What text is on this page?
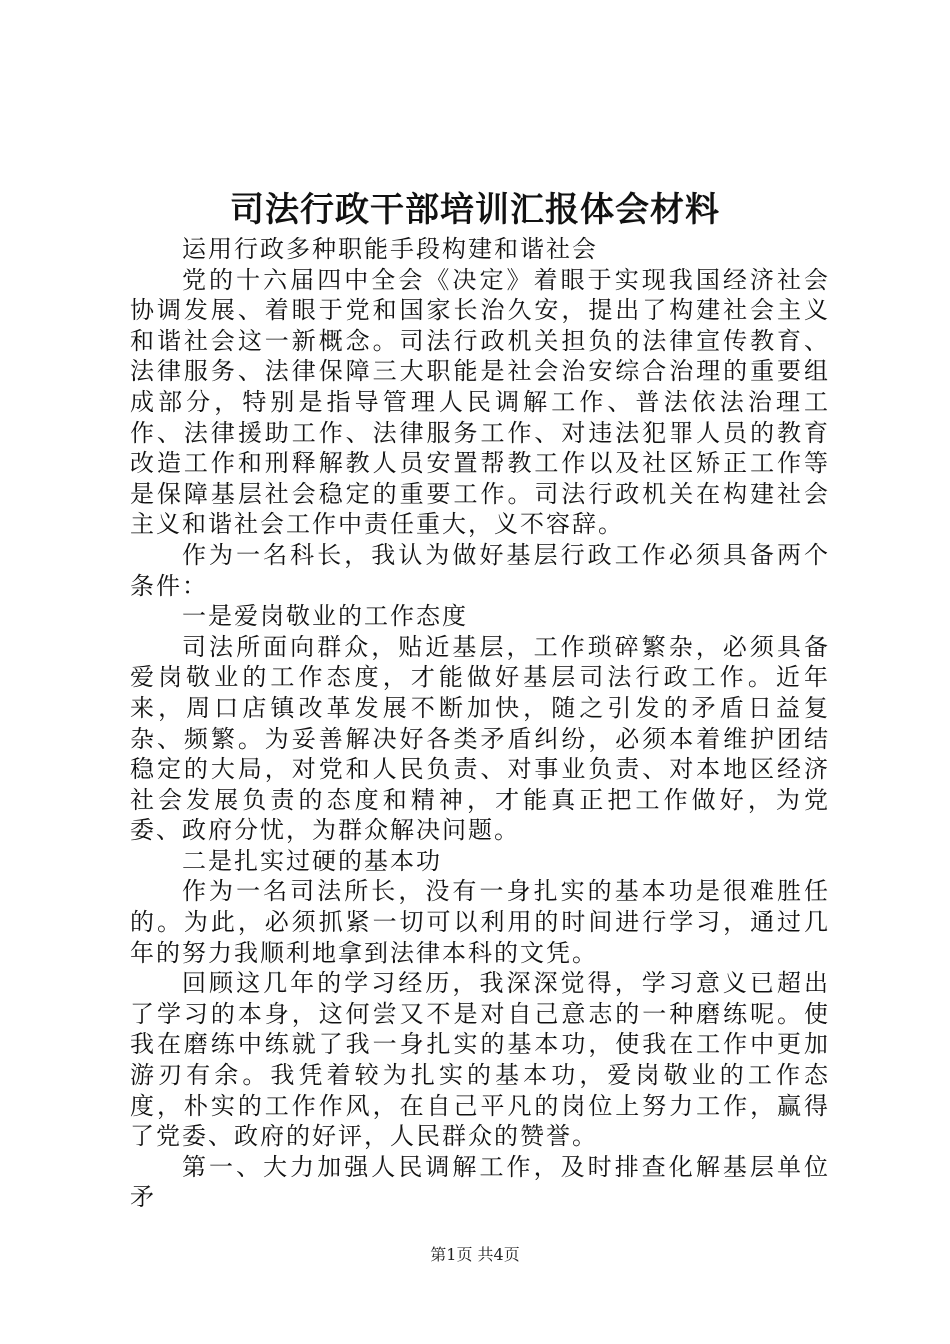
司法行政干部培训汇报体会材料

运用行政多种职能手段构建和谐社会

党的十六届四中全会《决定》着眼于实现我国经济社会协调发展、着眼于党和国家长治久安，提出了构建社会主义和谐社会这一新概念。司法行政机关担负的法律宣传教育、法律服务、法律保障三大职能是社会治安综合治理的重要组成部分，特别是指导管理人民调解工作、普法依法治理工作、法律援助工作、法律服务工作、对违法犯罪人员的教育改造工作和刑释解教人员安置帮教工作以及社区矫正工作等是保障基层社会稳定的重要工作。司法行政机关在构建社会主义和谐社会工作中责任重大，义不容辞。

作为一名科长，我认为做好基层行政工作必须具备两个条件：

一是爱岗敬业的工作态度

司法所面向群众，贴近基层，工作琐碎繁杂，必须具备爱岗敬业的工作态度，才能做好基层司法行政工作。近年来，周口店镇改革发展不断加快，随之引发的矛盾日益复杂、频繁。为妥善解决好各类矛盾纠纷，必须本着维护团结稳定的大局，对党和人民负责、对事业负责、对本地区经济社会发展负责的态度和精神，才能真正把工作做好，为党委、政府分忧，为群众解决问题。

二是扎实过硬的基本功

作为一名司法所长，没有一身扎实的基本功是很难胜任的。为此，必须抓紧一切可以利用的时间进行学习，通过几年的努力我顺利地拿到法律本科的文凭。

回顾这几年的学习经历，我深深觉得，学习意义已超出了学习的本身，这何尝又不是对自己意志的一种磨练呢。使我在磨练中练就了我一身扎实的基本功，使我在工作中更加游刃有余。我凭着较为扎实的基本功，爱岗敬业的工作态度，朴实的工作作风，在自己平凡的岗位上努力工作，赢得了党委、政府的好评，人民群众的赞誉。

第一、大力加强人民调解工作，及时排查化解基层单位矛

第1页 共4页
